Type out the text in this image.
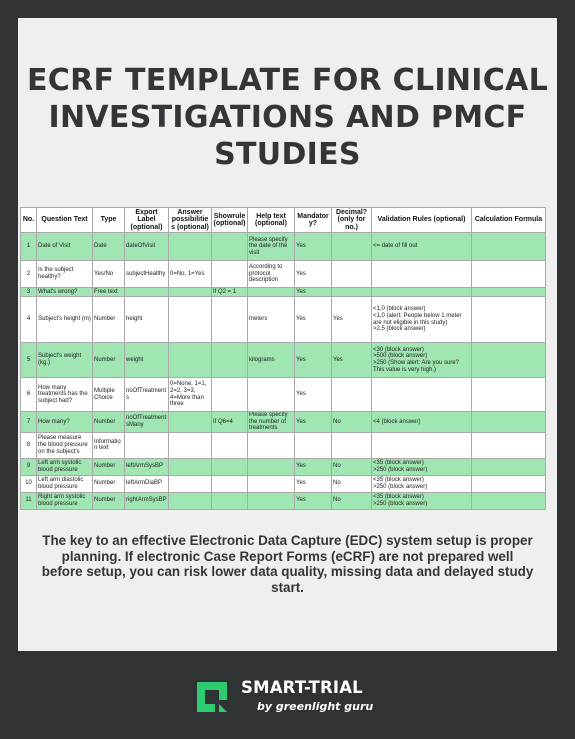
ECRF TEMPLATE FOR CLINICAL INVESTIGATIONS AND PMCF STUDIES
No.	Question Text	Type	Export Label (optional)	Answer possibilities (optional)	Showrule (optional)	Help text (optional)	Mandatory?	Decimal? (only for no.)	Validation Rules (optional)	Calculation Formula
1	Date of Visit	Date	dateOfVisit			Please specify the date of the visit	Yes		<= date of fill out	
2	Is the subject healthy?	Yes/No	subjectHealthy	0=No, 1=Yes		According to protocol description	Yes			
3	What's wrong?	Free text			If Q2 = 1		Yes			
4	Subject's height (m)	Number	height			meters	Yes	Yes	<1,0 (block answer)
<1,0 (alert: People below 1 meter are not eligible in this study)
>2,5 (block answer)	
5	Subject's weight (kg.)	Number	weight			kilograms	Yes	Yes	<30 (block answer)
>500 (block answer)
>250 (Show alert: Are you sure? This value is very high.)	
6	How many treatments has the subject had?	Multiple Choice	noOfTreatments	0=None, 1=1, 2=2, 3=3, 4=More than three			Yes			
7	How many?	Number	noOfTreatmentsMany		If Q6=4	Please specify the number of treatments	Yes	No	<4 (block answer)	
8	Please measure the blood pressure on the subject's	Information text								
9	Left arm systolic blood pressure	Number	leftArmSysBP				Yes	No	<35 (block answer)
>250 (block answer)	
10	Left arm diastolic blood pressure	Number	leftArmDiaBP				Yes	No	<35 (block answer)
>250 (block answer)	
11	Right arm systolic blood pressure	Number	rightArmSysBP				Yes	No	<35 (block answer)
>250 (block answer)	
The key to an effective Electronic Data Capture (EDC) system setup is proper planning. If electronic Case Report Forms (eCRF) are not prepared well before setup, you can risk lower data quality, missing data and delayed study start.
SMART-TRIAL
by greenlight guru
